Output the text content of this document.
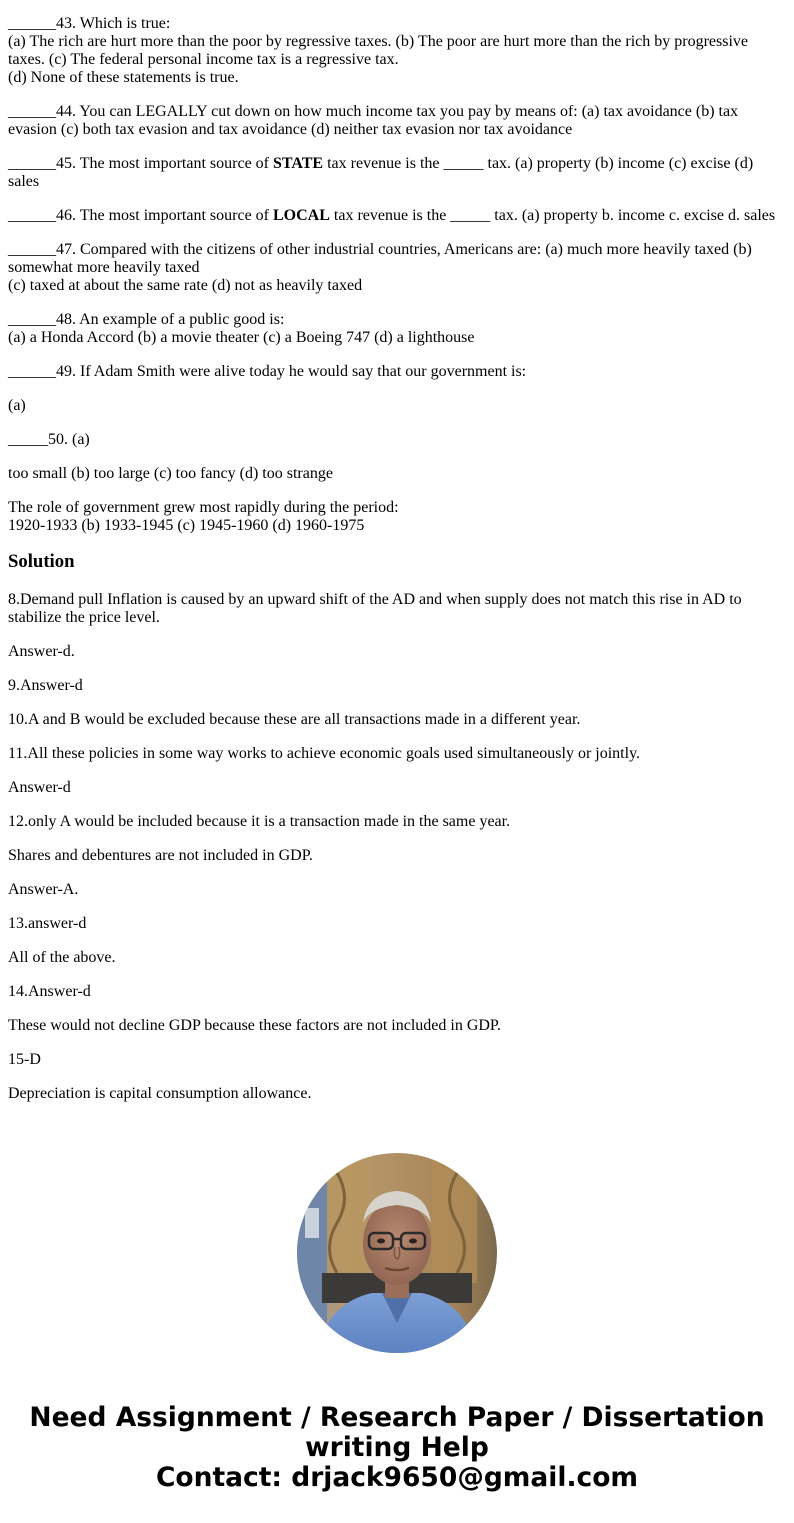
______43. Which is true:
(a) The rich are hurt more than the poor by regressive taxes. (b) The poor are hurt more than the rich by progressive taxes. (c) The federal personal income tax is a regressive tax.
(d) None of these statements is true.

______44. You can LEGALLY cut down on how much income tax you pay by means of: (a) tax avoidance (b) tax evasion (c) both tax evasion and tax avoidance (d) neither tax evasion nor tax avoidance

______45. The most important source of STATE tax revenue is the _____ tax. (a) property (b) income (c) excise (d) sales

______46. The most important source of LOCAL tax revenue is the _____ tax. (a) property b. income c. excise d. sales

______47. Compared with the citizens of other industrial countries, Americans are: (a) much more heavily taxed (b) somewhat more heavily taxed
(c) taxed at about the same rate (d) not as heavily taxed

______48. An example of a public good is:
(a) a Honda Accord (b) a movie theater (c) a Boeing 747 (d) a lighthouse

______49. If Adam Smith were alive today he would say that our government is:

(a)

_____50. (a)

too small (b) too large (c) too fancy (d) too strange

The role of government grew most rapidly during the period:
1920-1933 (b) 1933-1945 (c) 1945-1960 (d) 1960-1975

Solution

8.Demand pull Inflation is caused by an upward shift of the AD and when supply does not match this rise in AD to stabilize the price level.

Answer-d.

9.Answer-d

10.A and B would be excluded because these are all transactions made in a different year.

11.All these policies in some way works to achieve economic goals used simultaneously or jointly.

Answer-d

12.only A would be included because it is a transaction made in the same year.

Shares and debentures are not included in GDP.

Answer-A.

13.answer-d

All of the above.

14.Answer-d

These would not decline GDP because these factors are not included in GDP.

15-D

Depreciation is capital consumption allowance.

Need Assignment / Research Paper / Dissertation
writing Help
Contact: drjack9650@gmail.com
